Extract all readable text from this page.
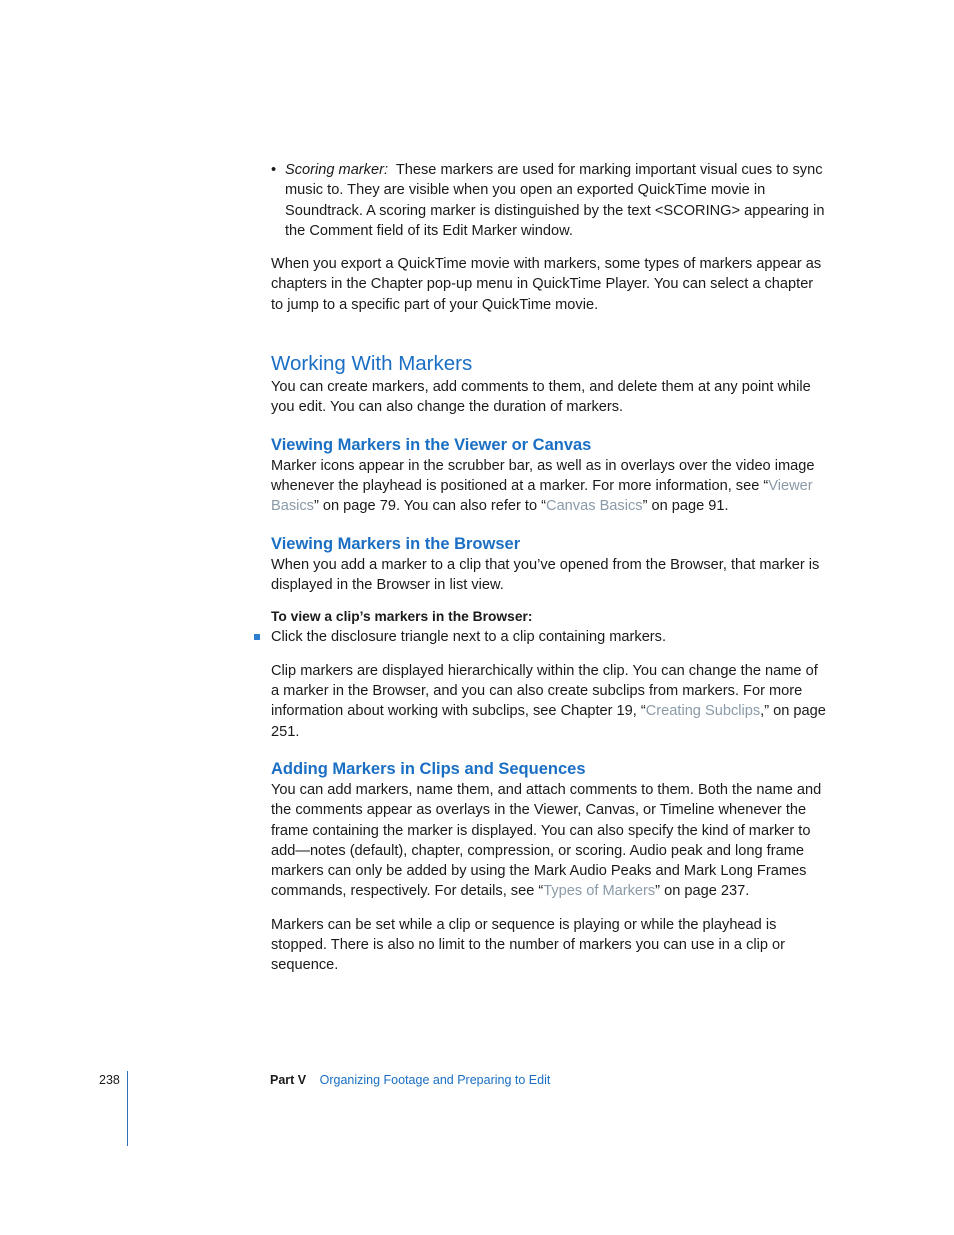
• Scoring marker: These markers are used for marking important visual cues to sync music to. They are visible when you open an exported QuickTime movie in Soundtrack. A scoring marker is distinguished by the text <SCORING> appearing in the Comment field of its Edit Marker window.

When you export a QuickTime movie with markers, some types of markers appear as chapters in the Chapter pop-up menu in QuickTime Player. You can select a chapter to jump to a specific part of your QuickTime movie.

Working With Markers

You can create markers, add comments to them, and delete them at any point while you edit. You can also change the duration of markers.

Viewing Markers in the Viewer or Canvas

Marker icons appear in the scrubber bar, as well as in overlays over the video image whenever the playhead is positioned at a marker. For more information, see “Viewer Basics” on page 79. You can also refer to “Canvas Basics” on page 91.

Viewing Markers in the Browser

When you add a marker to a clip that you’ve opened from the Browser, that marker is displayed in the Browser in list view.

To view a clip’s markers in the Browser:

Click the disclosure triangle next to a clip containing markers.

Clip markers are displayed hierarchically within the clip. You can change the name of a marker in the Browser, and you can also create subclips from markers. For more information about working with subclips, see Chapter 19, “Creating Subclips,” on page 251.

Adding Markers in Clips and Sequences

You can add markers, name them, and attach comments to them. Both the name and the comments appear as overlays in the Viewer, Canvas, or Timeline whenever the frame containing the marker is displayed. You can also specify the kind of marker to add—notes (default), chapter, compression, or scoring. Audio peak and long frame markers can only be added by using the Mark Audio Peaks and Mark Long Frames commands, respectively. For details, see “Types of Markers” on page 237.

Markers can be set while a clip or sequence is playing or while the playhead is stopped. There is also no limit to the number of markers you can use in a clip or sequence.

238	Part V Organizing Footage and Preparing to Edit
